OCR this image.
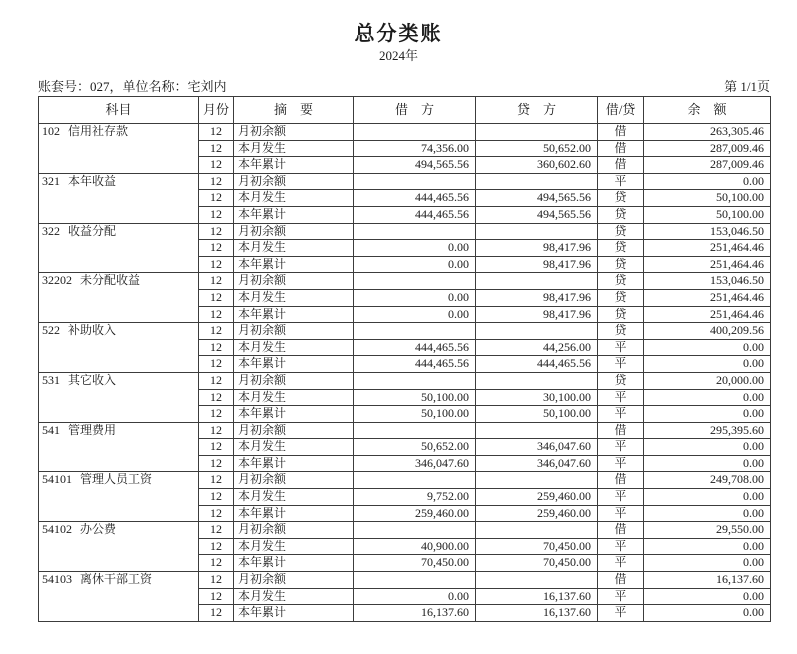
总分类账
2024年
账套号：027，单位名称：宅刘内	第 1/1页
科目	月份	摘　要	借　方	贷　方	借/贷	余　额
102 信用社存款	12	月初余额			借	263,305.46
	12	本月发生	74,356.00	50,652.00	借	287,009.46
	12	本年累计	494,565.56	360,602.60	借	287,009.46
321 本年收益	12	月初余额			平	0.00
	12	本月发生	444,465.56	494,565.56	贷	50,100.00
	12	本年累计	444,465.56	494,565.56	贷	50,100.00
322 收益分配	12	月初余额			贷	153,046.50
	12	本月发生	0.00	98,417.96	贷	251,464.46
	12	本年累计	0.00	98,417.96	贷	251,464.46
32202 未分配收益	12	月初余额			贷	153,046.50
	12	本月发生	0.00	98,417.96	贷	251,464.46
	12	本年累计	0.00	98,417.96	贷	251,464.46
522 补助收入	12	月初余额			贷	400,209.56
	12	本月发生	444,465.56	44,256.00	平	0.00
	12	本年累计	444,465.56	444,465.56	平	0.00
531 其它收入	12	月初余额			贷	20,000.00
	12	本月发生	50,100.00	30,100.00	平	0.00
	12	本年累计	50,100.00	50,100.00	平	0.00
541 管理费用	12	月初余额			借	295,395.60
	12	本月发生	50,652.00	346,047.60	平	0.00
	12	本年累计	346,047.60	346,047.60	平	0.00
54101 管理人员工资	12	月初余额			借	249,708.00
	12	本月发生	9,752.00	259,460.00	平	0.00
	12	本年累计	259,460.00	259,460.00	平	0.00
54102 办公费	12	月初余额			借	29,550.00
	12	本月发生	40,900.00	70,450.00	平	0.00
	12	本年累计	70,450.00	70,450.00	平	0.00
54103 离休干部工资	12	月初余额			借	16,137.60
	12	本月发生	0.00	16,137.60	平	0.00
	12	本年累计	16,137.60	16,137.60	平	0.00
